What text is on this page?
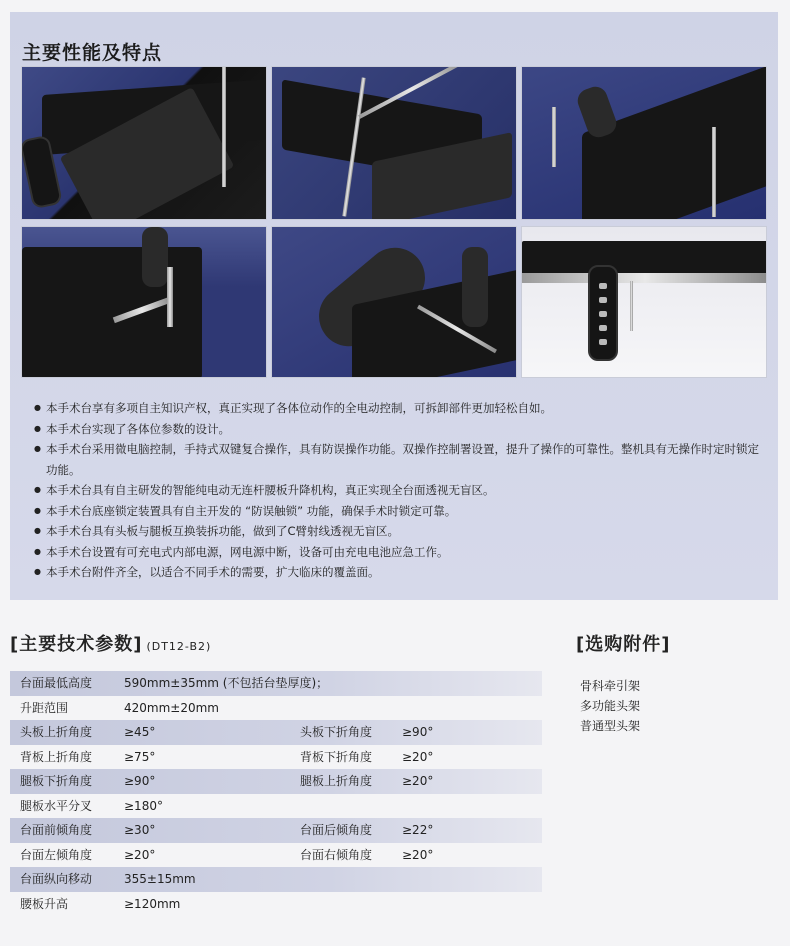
主要性能及特点
● 本手术台享有多项自主知识产权，真正实现了各体位动作的全电动控制，可拆卸部件更加轻松自如。
● 本手术台实现了各体位参数的设计。
● 本手术台采用微电脑控制，手持式双键复合操作，具有防误操作功能。双操作控制署设置，提升了操作的可靠性。整机具有无操作时定时锁定功能。
● 本手术台具有自主研发的智能纯电动无连杆腰板升降机构，真正实现全台面透视无盲区。
● 本手术台底座锁定装置具有自主开发的 “防误触锁” 功能，确保手术时锁定可靠。
● 本手术台具有头板与腿板互换装拆功能，做到了C臂射线透视无盲区。
● 本手术台设置有可充电式内部电源，网电源中断，设备可由充电电池应急工作。
● 本手术台附件齐全，以适合不同手术的需要，扩大临床的覆盖面。
[主要技术参数] (DT12-B2)	[选购附件]
骨科牵引架
多功能头架
普通型头架
台面最低高度	590mm±35mm (不包括台垫厚度)；
升距范围	420mm±20mm
头板上折角度	≥45°	头板下折角度 ≥90°
背板上折角度	≥75°	背板下折角度 ≥20°
腿板下折角度	≥90°	腿板上折角度 ≥20°
腿板水平分叉	≥180°
台面前倾角度	≥30°	台面后倾角度 ≥22°
台面左倾角度	≥20°	台面右倾角度 ≥20°
台面纵向移动	355±15mm
腰板升高	≥120mm
